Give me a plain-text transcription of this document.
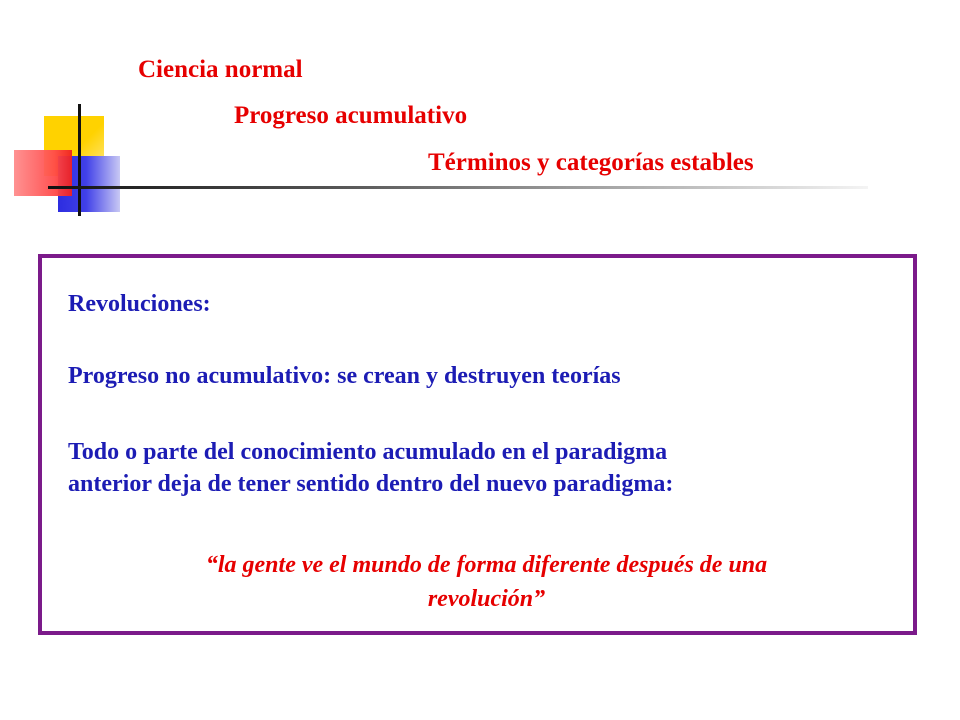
Ciencia normal

Progreso acumulativo

Términos y categorías estables

Revoluciones:

Progreso no acumulativo: se crean y destruyen teorías

Todo o parte del conocimiento acumulado en el paradigma

anterior deja de tener sentido dentro del nuevo paradigma:

“la gente ve el mundo de forma diferente después de una
revolución”
